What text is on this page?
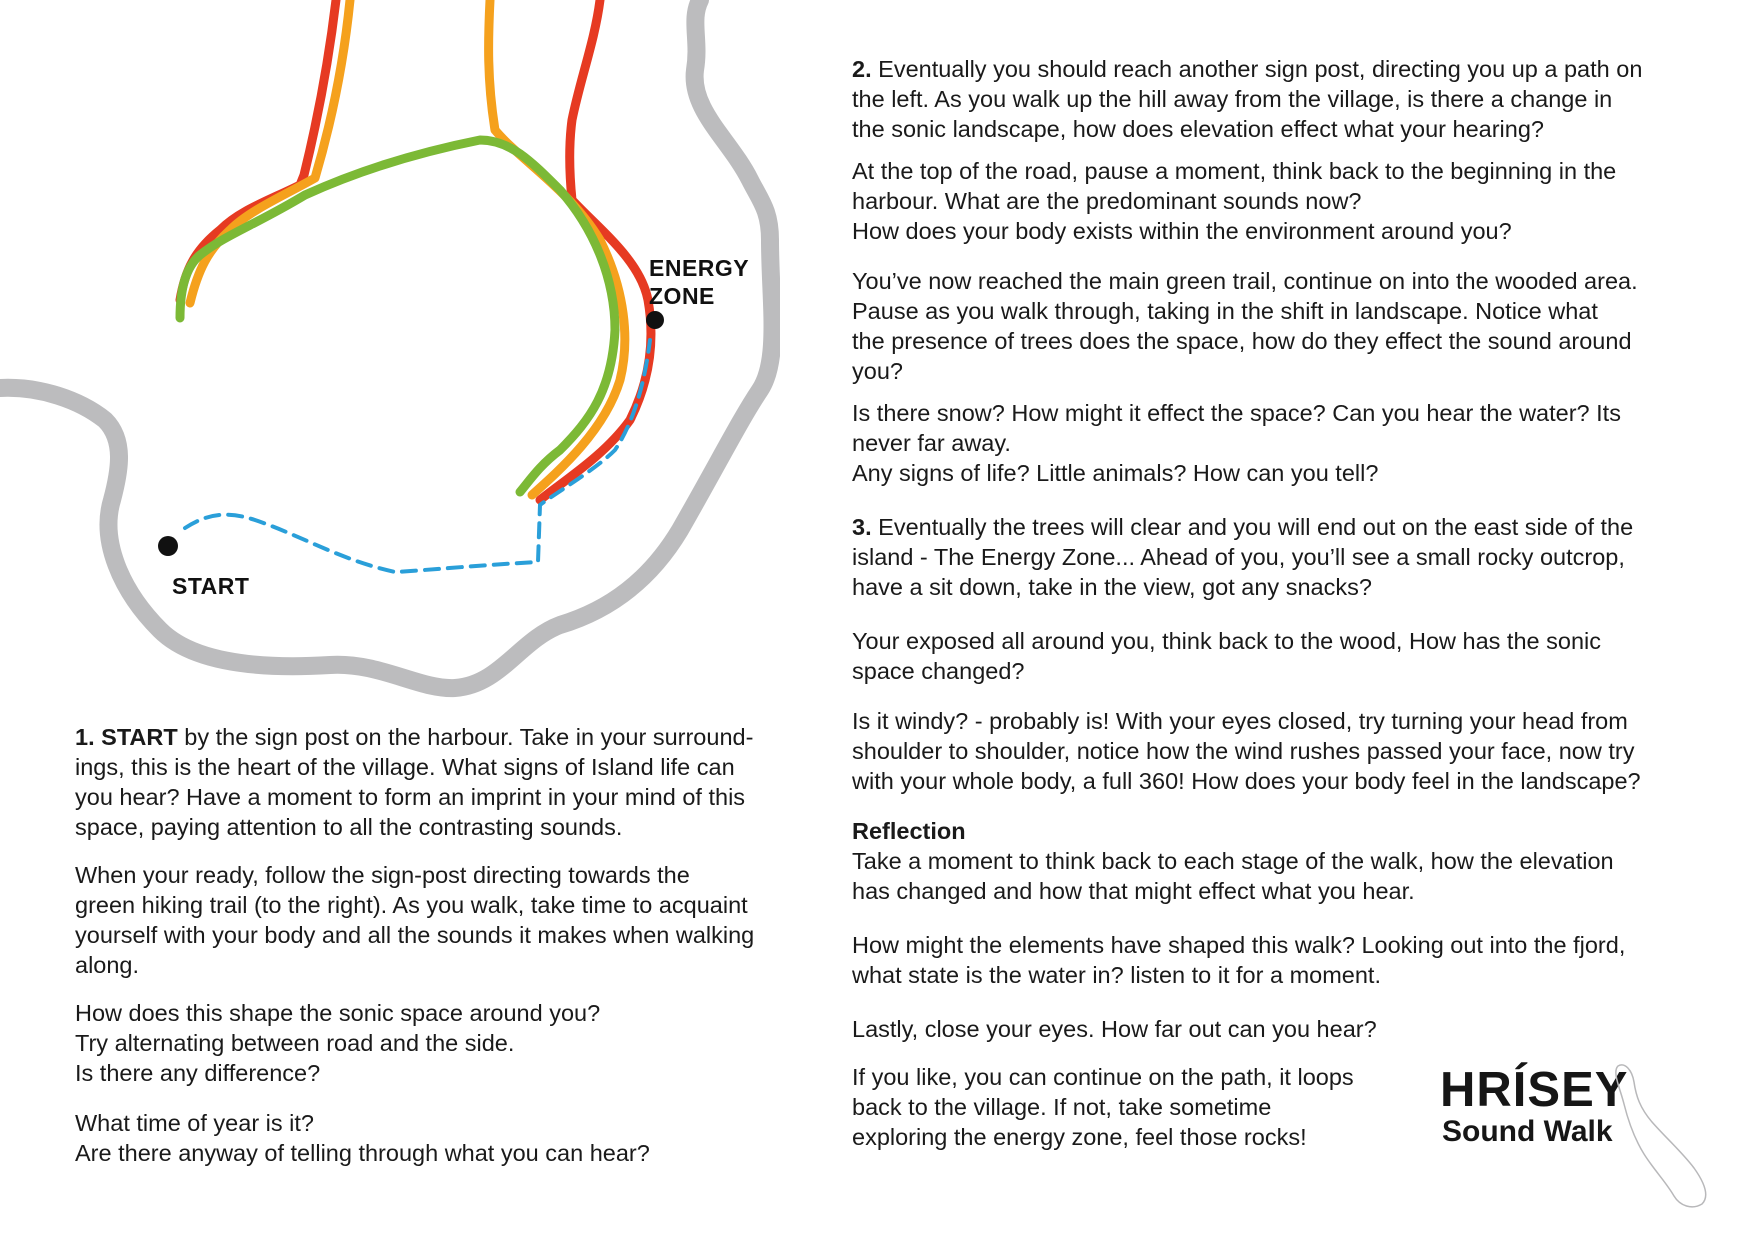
START
ENERGY
ZONE

1. START by the sign post on the harbour. Take in your surround-
ings, this is the heart of the village. What signs of Island life can
you hear? Have a moment to form an imprint in your mind of this
space, paying attention to all the contrasting sounds.

When your ready, follow the sign-post directing towards the
green hiking trail (to the right). As you walk, take time to acquaint
yourself with your body and all the sounds it makes when walking
along.

How does this shape the sonic space around you?
Try alternating between road and the side.
Is there any difference?

What time of year is it?
Are there anyway of telling through what you can hear?

2. Eventually you should reach another sign post, directing you up a path on
the left. As you walk up the hill away from the village, is there a change in
the sonic landscape, how does elevation effect what your hearing?

At the top of the road, pause a moment, think back to the beginning in the
harbour. What are the predominant sounds now?
How does your body exists within the environment around you?

You’ve now reached the main green trail, continue on into the wooded area.
Pause as you walk through, taking in the shift in landscape. Notice what
the presence of trees does the space, how do they effect the sound around
you?

Is there snow? How might it effect the space? Can you hear the water? Its
never far away.
Any signs of life? Little animals? How can you tell?

3. Eventually the trees will clear and you will end out on the east side of the
island - The Energy Zone... Ahead of you, you’ll see a small rocky outcrop,
have a sit down, take in the view, got any snacks?

Your exposed all around you, think back to the wood, How has the sonic
space changed?

Is it windy? - probably is! With your eyes closed, try turning your head from
shoulder to shoulder, notice how the wind rushes passed your face, now try
with your whole body, a full 360! How does your body feel in the landscape?

Reflection

Take a moment to think back to each stage of the walk, how the elevation
has changed and how that might effect what you hear.

How might the elements have shaped this walk? Looking out into the fjord,
what state is the water in? listen to it for a moment.

Lastly, close your eyes. How far out can you hear?

If you like, you can continue on the path, it loops
back to the village. If not, take sometime
exploring the energy zone, feel those rocks!

HRÍSEY
Sound Walk
